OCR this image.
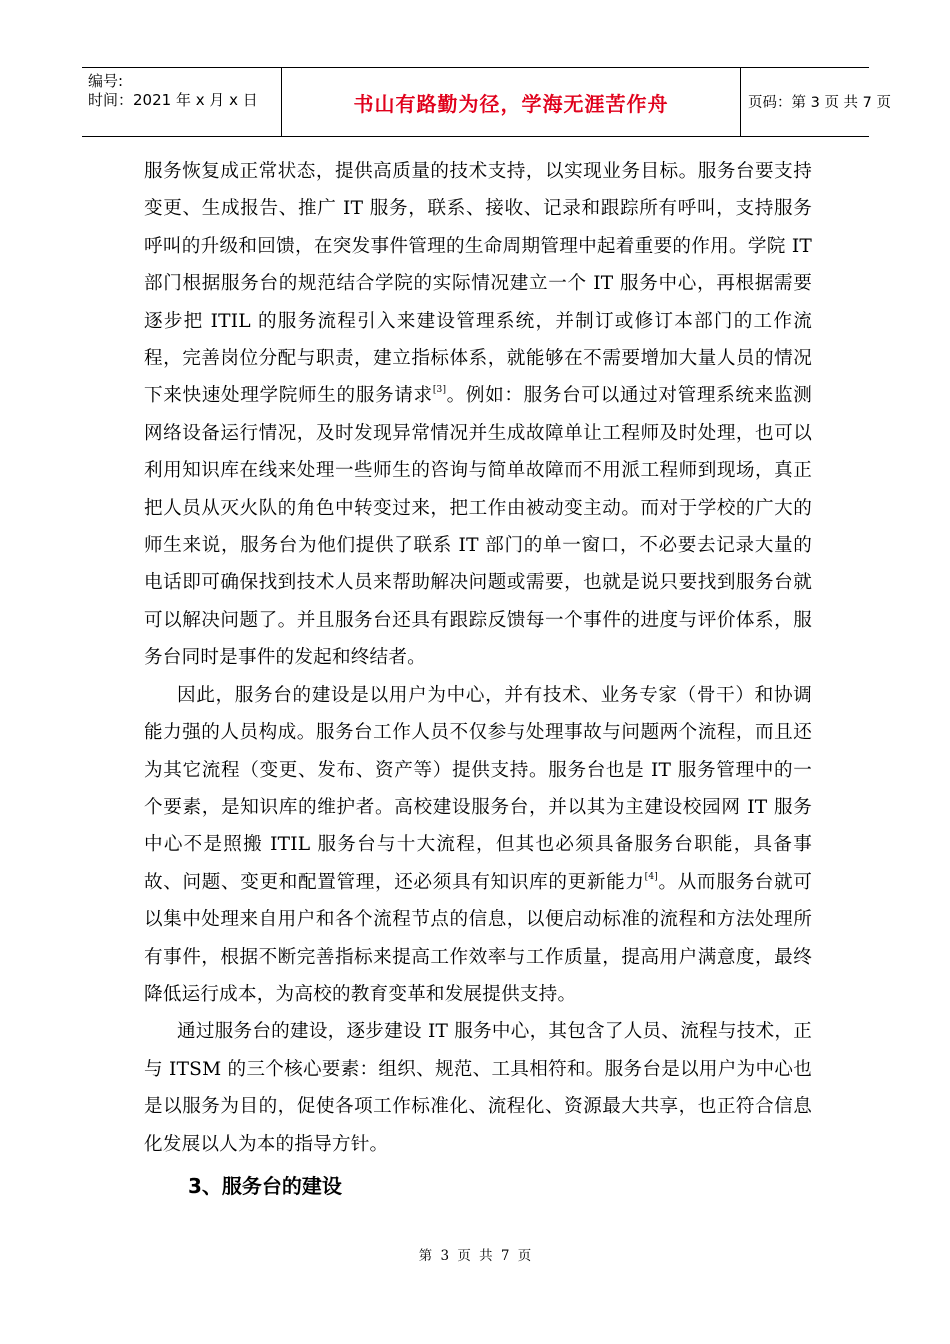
编号:
时间：2021 年 x 月 x 日	书山有路勤为径，学海无涯苦作舟	页码：第 3 页 共 7 页

服务恢复成正常状态，提供高质量的技术支持，以实现业务目标。服务台要支持变更、生成报告、推广 IT 服务，联系、接收、记录和跟踪所有呼叫，支持服务呼叫的升级和回馈，在突发事件管理的生命周期管理中起着重要的作用。学院 IT 部门根据服务台的规范结合学院的实际情况建立一个 IT 服务中心，再根据需要逐步把 ITIL 的服务流程引入来建设管理系统，并制订或修订本部门的工作流程，完善岗位分配与职责，建立指标体系，就能够在不需要增加大量人员的情况下来快速处理学院师生的服务请求[3]。例如：服务台可以通过对管理系统来监测网络设备运行情况，及时发现异常情况并生成故障单让工程师及时处理，也可以利用知识库在线来处理一些师生的咨询与简单故障而不用派工程师到现场，真正把人员从灭火队的角色中转变过来，把工作由被动变主动。而对于学校的广大的师生来说，服务台为他们提供了联系 IT 部门的单一窗口，不必要去记录大量的电话即可确保找到技术人员来帮助解决问题或需要，也就是说只要找到服务台就可以解决问题了。并且服务台还具有跟踪反馈每一个事件的进度与评价体系，服务台同时是事件的发起和终结者。

因此，服务台的建设是以用户为中心，并有技术、业务专家（骨干）和协调能力强的人员构成。服务台工作人员不仅参与处理事故与问题两个流程，而且还为其它流程（变更、发布、资产等）提供支持。服务台也是 IT 服务管理中的一个要素，是知识库的维护者。高校建设服务台，并以其为主建设校园网 IT 服务中心不是照搬 ITIL 服务台与十大流程，但其也必须具备服务台职能，具备事故、问题、变更和配置管理，还必须具有知识库的更新能力[4]。从而服务台就可以集中处理来自用户和各个流程节点的信息，以便启动标准的流程和方法处理所有事件，根据不断完善指标来提高工作效率与工作质量，提高用户满意度，最终降低运行成本，为高校的教育变革和发展提供支持。

通过服务台的建设，逐步建设 IT 服务中心，其包含了人员、流程与技术，正与 ITSM 的三个核心要素：组织、规范、工具相符和。服务台是以用户为中心也是以服务为目的，促使各项工作标准化、流程化、资源最大共享，也正符合信息化发展以人为本的指导方针。

3、服务台的建设
第 3 页 共 7 页
